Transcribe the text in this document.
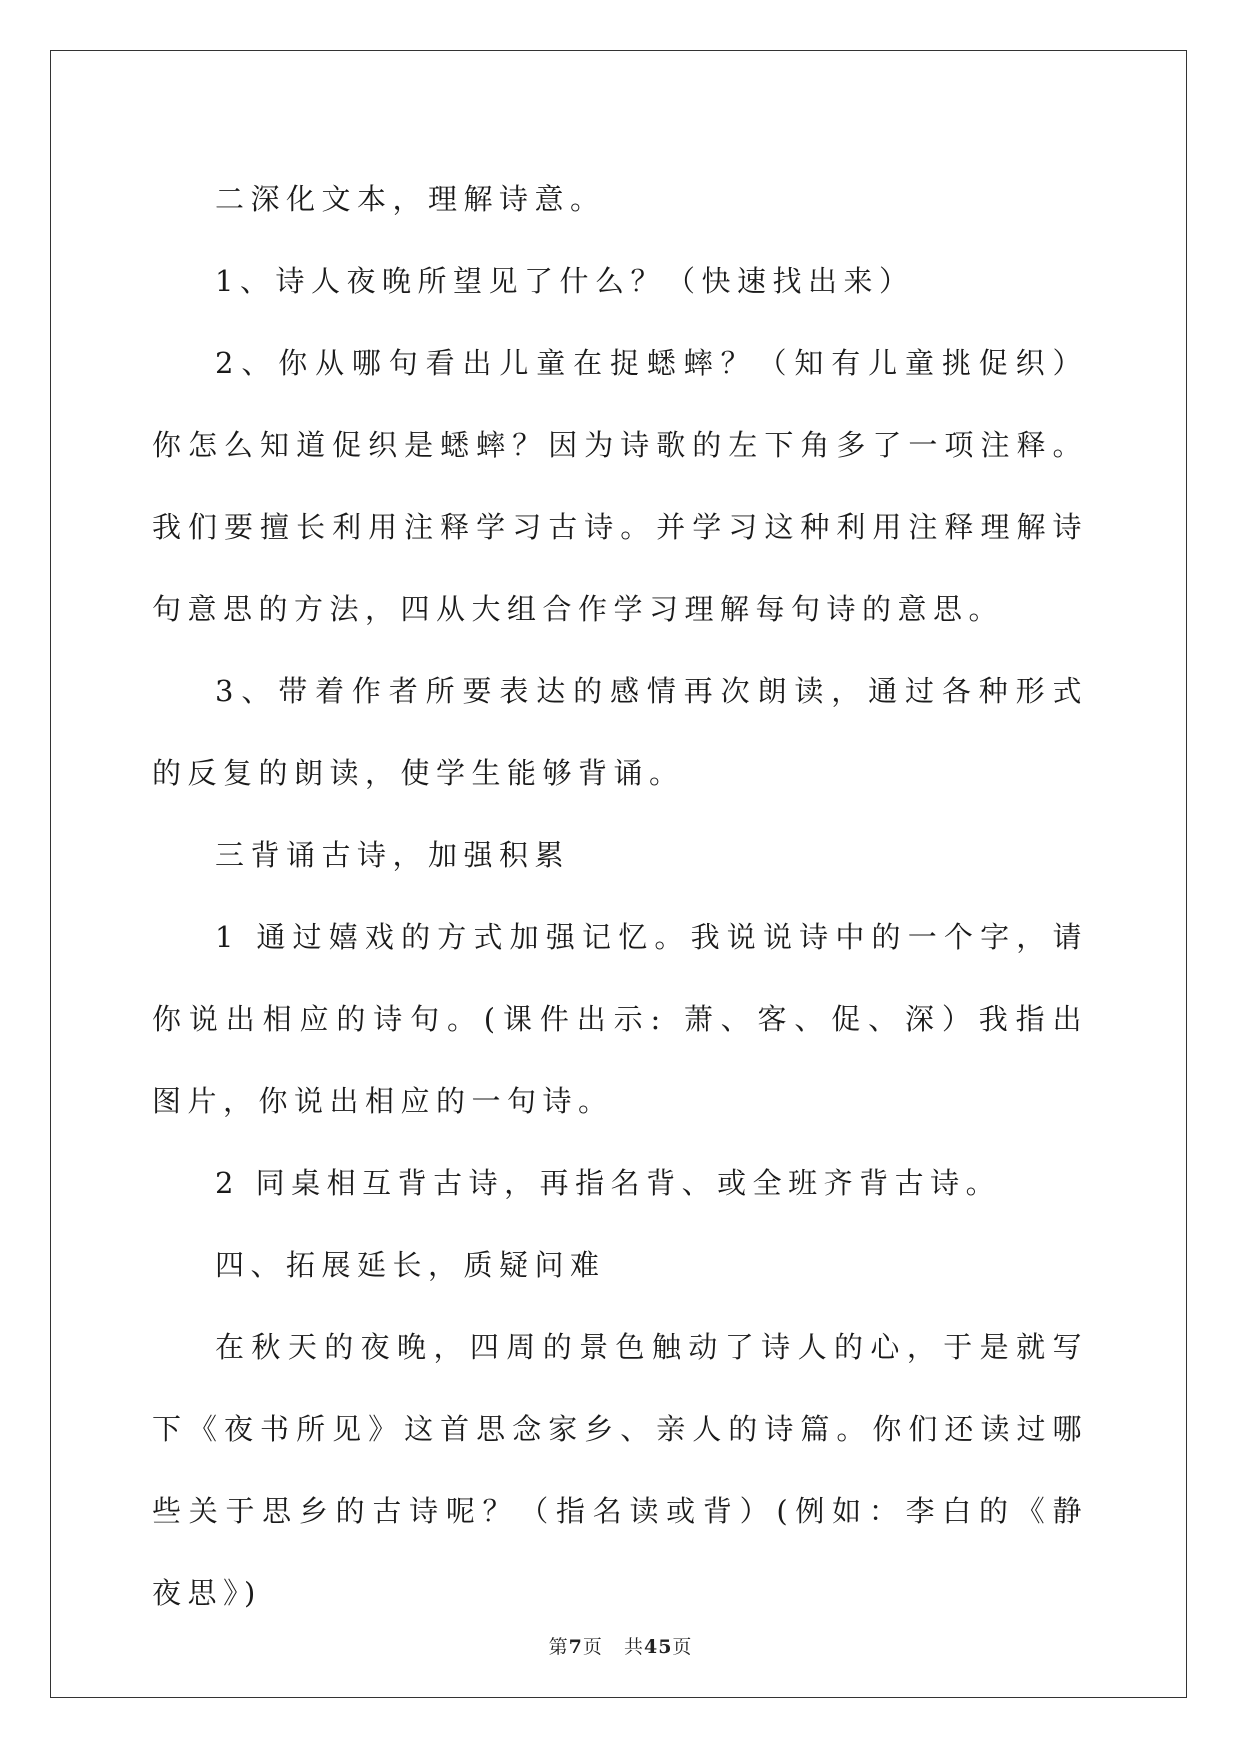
二深化文本，理解诗意。

1、诗人夜晚所望见了什么？（快速找出来）

2、你从哪句看出儿童在捉蟋蟀？（知有儿童挑促织）你怎么知道促织是蟋蟀？因为诗歌的左下角多了一项注释。我们要擅长利用注释学习古诗。并学习这种利用注释理解诗句意思的方法，四从大组合作学习理解每句诗的意思。

3、带着作者所要表达的感情再次朗读，通过各种形式的反复的朗读，使学生能够背诵。

三背诵古诗，加强积累

1 通过嬉戏的方式加强记忆。我说说诗中的一个字，请你说出相应的诗句。(课件出示: 萧、客、促、深）我指出图片，你说出相应的一句诗。

2 同桌相互背古诗，再指名背、或全班齐背古诗。

四、拓展延长，质疑问难

在秋天的夜晚，四周的景色触动了诗人的心，于是就写下《夜书所见》这首思念家乡、亲人的诗篇。你们还读过哪些关于思乡的古诗呢？（指名读或背）(例如：李白的《静夜思》)

第7页 共45页
